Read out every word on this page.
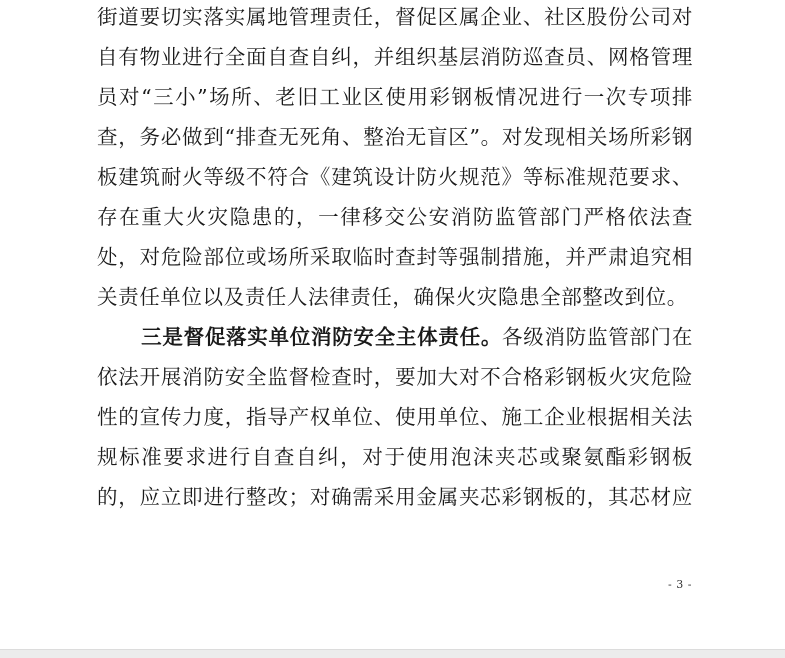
街道要切实落实属地管理责任，督促区属企业、社区股份公司对自有物业进行全面自查自纠，并组织基层消防巡查员、网格管理员对“三小”场所、老旧工业区使用彩钢板情况进行一次专项排查，务必做到“排查无死角、整治无盲区”。对发现相关场所彩钢板建筑耐火等级不符合《建筑设计防火规范》等标准规范要求、存在重大火灾隐患的，一律移交公安消防监管部门严格依法查处，对危险部位或场所采取临时查封等强制措施，并严肃追究相关责任单位以及责任人法律责任，确保火灾隐患全部整改到位。

三是督促落实单位消防安全主体责任。各级消防监管部门在依法开展消防安全监督检查时，要加大对不合格彩钢板火灾危险性的宣传力度，指导产权单位、使用单位、施工企业根据相关法规标准要求进行自查自纠，对于使用泡沫夹芯或聚氨酯彩钢板的，应立即进行整改；对确需采用金属夹芯彩钢板的，其芯材应

- 3 -
